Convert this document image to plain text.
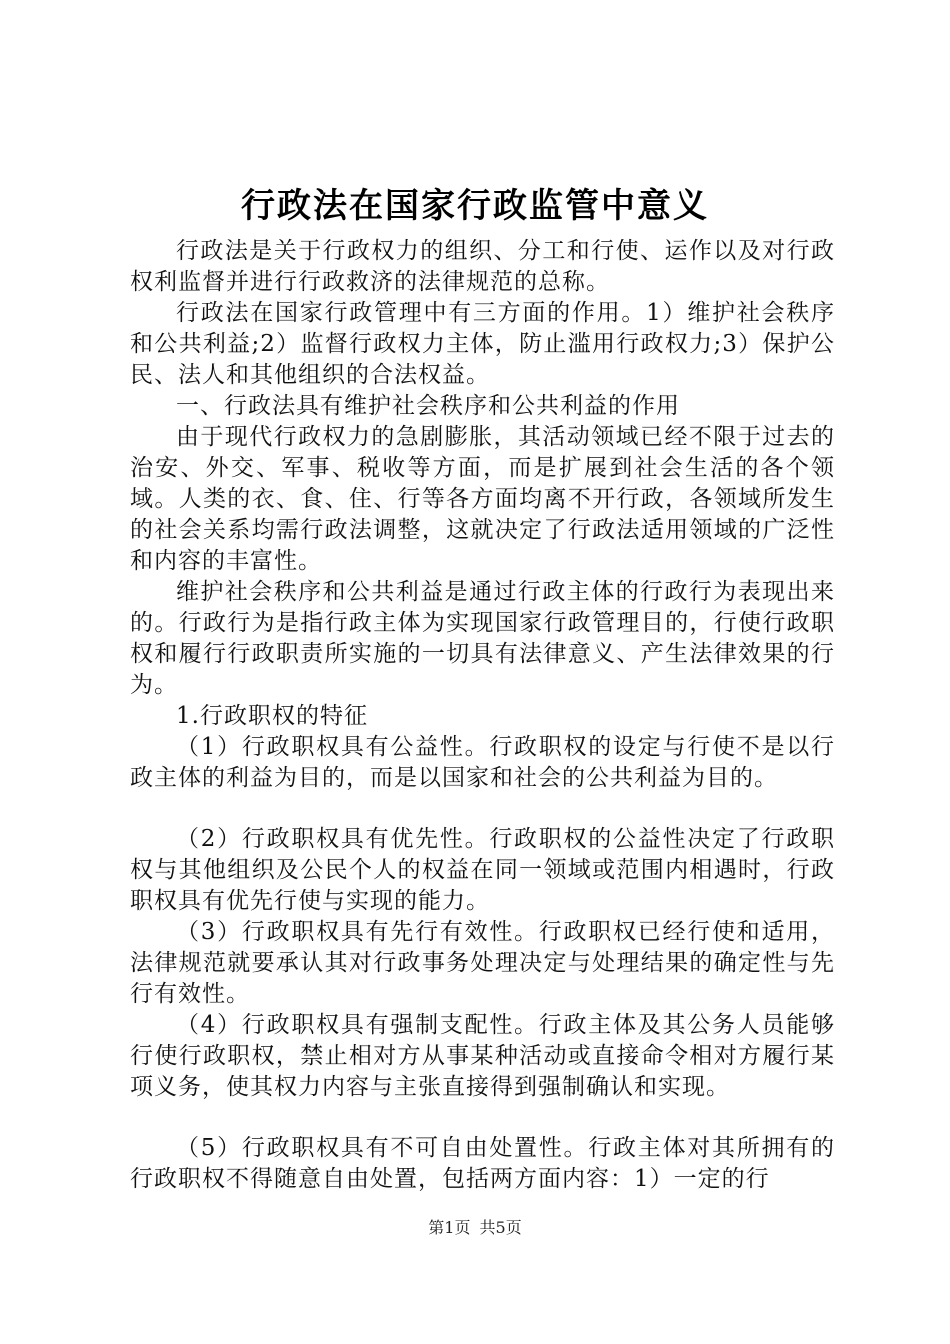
行政法在国家行政监管中意义

行政法是关于行政权力的组织、分工和行使、运作以及对行政权利监督并进行行政救济的法律规范的总称。

行政法在国家行政管理中有三方面的作用。1）维护社会秩序和公共利益;2）监督行政权力主体，防止滥用行政权力;3）保护公民、法人和其他组织的合法权益。

一、行政法具有维护社会秩序和公共利益的作用

由于现代行政权力的急剧膨胀，其活动领域已经不限于过去的治安、外交、军事、税收等方面，而是扩展到社会生活的各个领域。人类的衣、食、住、行等各方面均离不开行政，各领域所发生的社会关系均需行政法调整，这就决定了行政法适用领域的广泛性和内容的丰富性。

维护社会秩序和公共利益是通过行政主体的行政行为表现出来的。行政行为是指行政主体为实现国家行政管理目的，行使行政职权和履行行政职责所实施的一切具有法律意义、产生法律效果的行为。

1.行政职权的特征

（1）行政职权具有公益性。行政职权的设定与行使不是以行政主体的利益为目的，而是以国家和社会的公共利益为目的。

（2）行政职权具有优先性。行政职权的公益性决定了行政职权与其他组织及公民个人的权益在同一领域或范围内相遇时，行政职权具有优先行使与实现的能力。

（3）行政职权具有先行有效性。行政职权已经行使和适用，法律规范就要承认其对行政事务处理决定与处理结果的确定性与先行有效性。

（4）行政职权具有强制支配性。行政主体及其公务人员能够行使行政职权，禁止相对方从事某种活动或直接命令相对方履行某项义务，使其权力内容与主张直接得到强制确认和实现。

（5）行政职权具有不可自由处置性。行政主体对其所拥有的行政职权不得随意自由处置，包括两方面内容：1）一定的行

第1页 共5页
